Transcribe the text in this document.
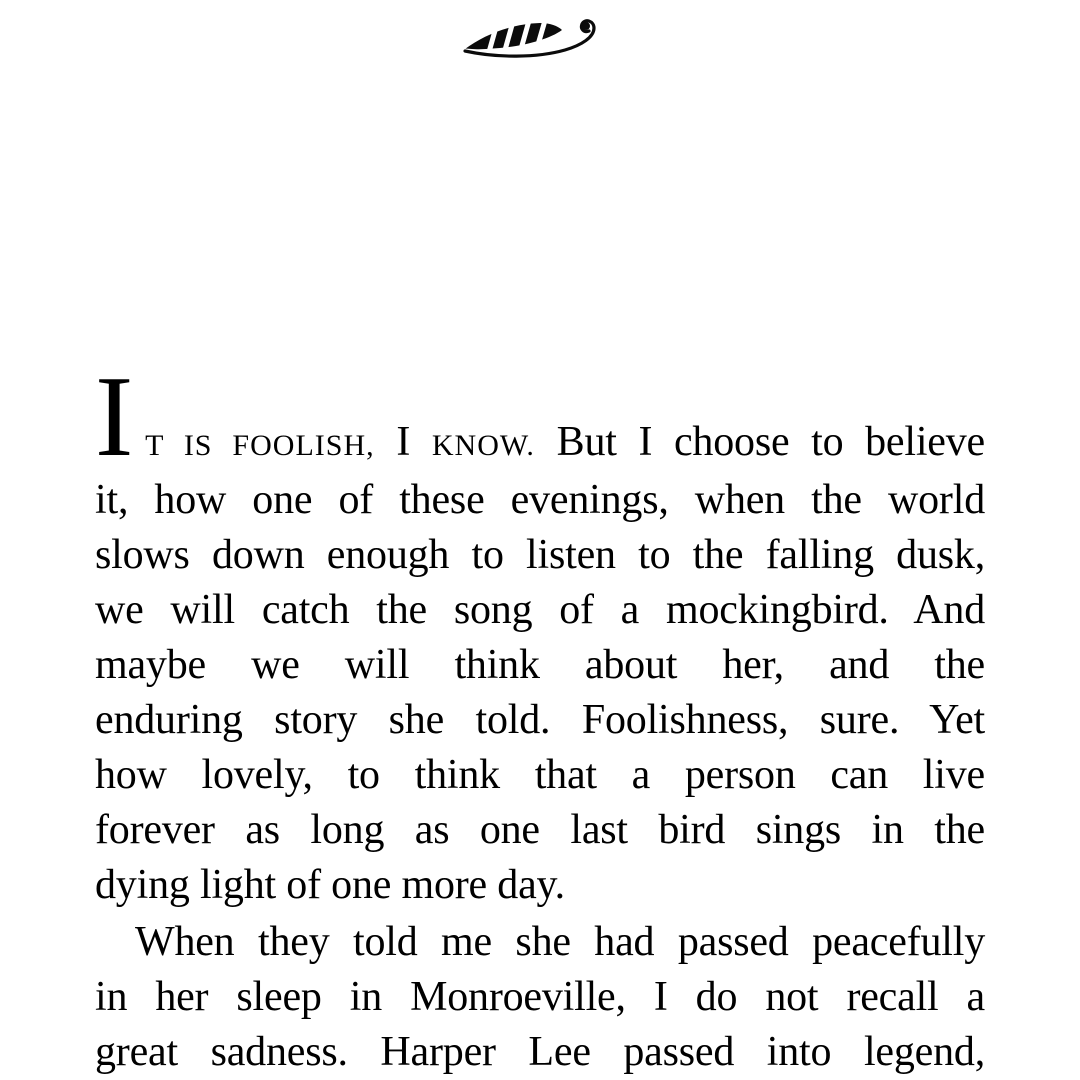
I T IS FOOLISH, I KNOW. But I choose to believe
it, how one of these evenings, when the world
slows down enough to listen to the falling dusk,
we will catch the song of a mockingbird. And
maybe we will think about her, and the
enduring story she told. Foolishness, sure. Yet
how lovely, to think that a person can live
forever as long as one last bird sings in the
dying light of one more day.
When they told me she had passed peacefully
in her sleep in Monroeville, I do not recall a
great sadness. Harper Lee passed into legend,
